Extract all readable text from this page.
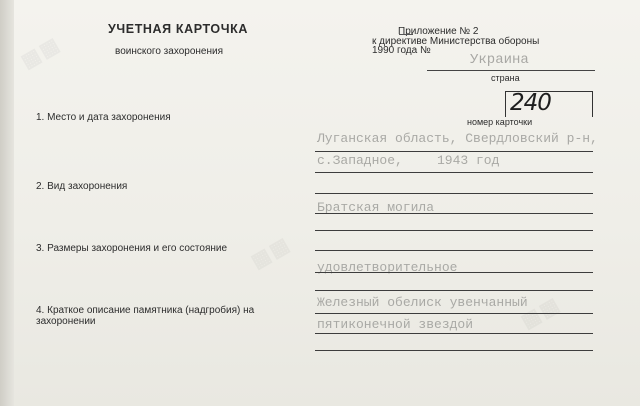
▦▦
▦▦
▦▦
УЧЕТНАЯ КАРТОЧКА
воинского захоронения
Приложение № 2
к директиве Министерства обороны
1990 года №
Украина
страна
240
номер карточки
1. Место и дата захоронения
Луганская область, Свердловский р-н,
с.Западное,	1943 год
2. Вид захоронения
Братская могила
3. Размеры захоронения и его состояние
удовлетворительное
4. Краткое описание памятника (надгробия) на
захоронении
Железный обелиск увенчанный
пятиконечной звездой
